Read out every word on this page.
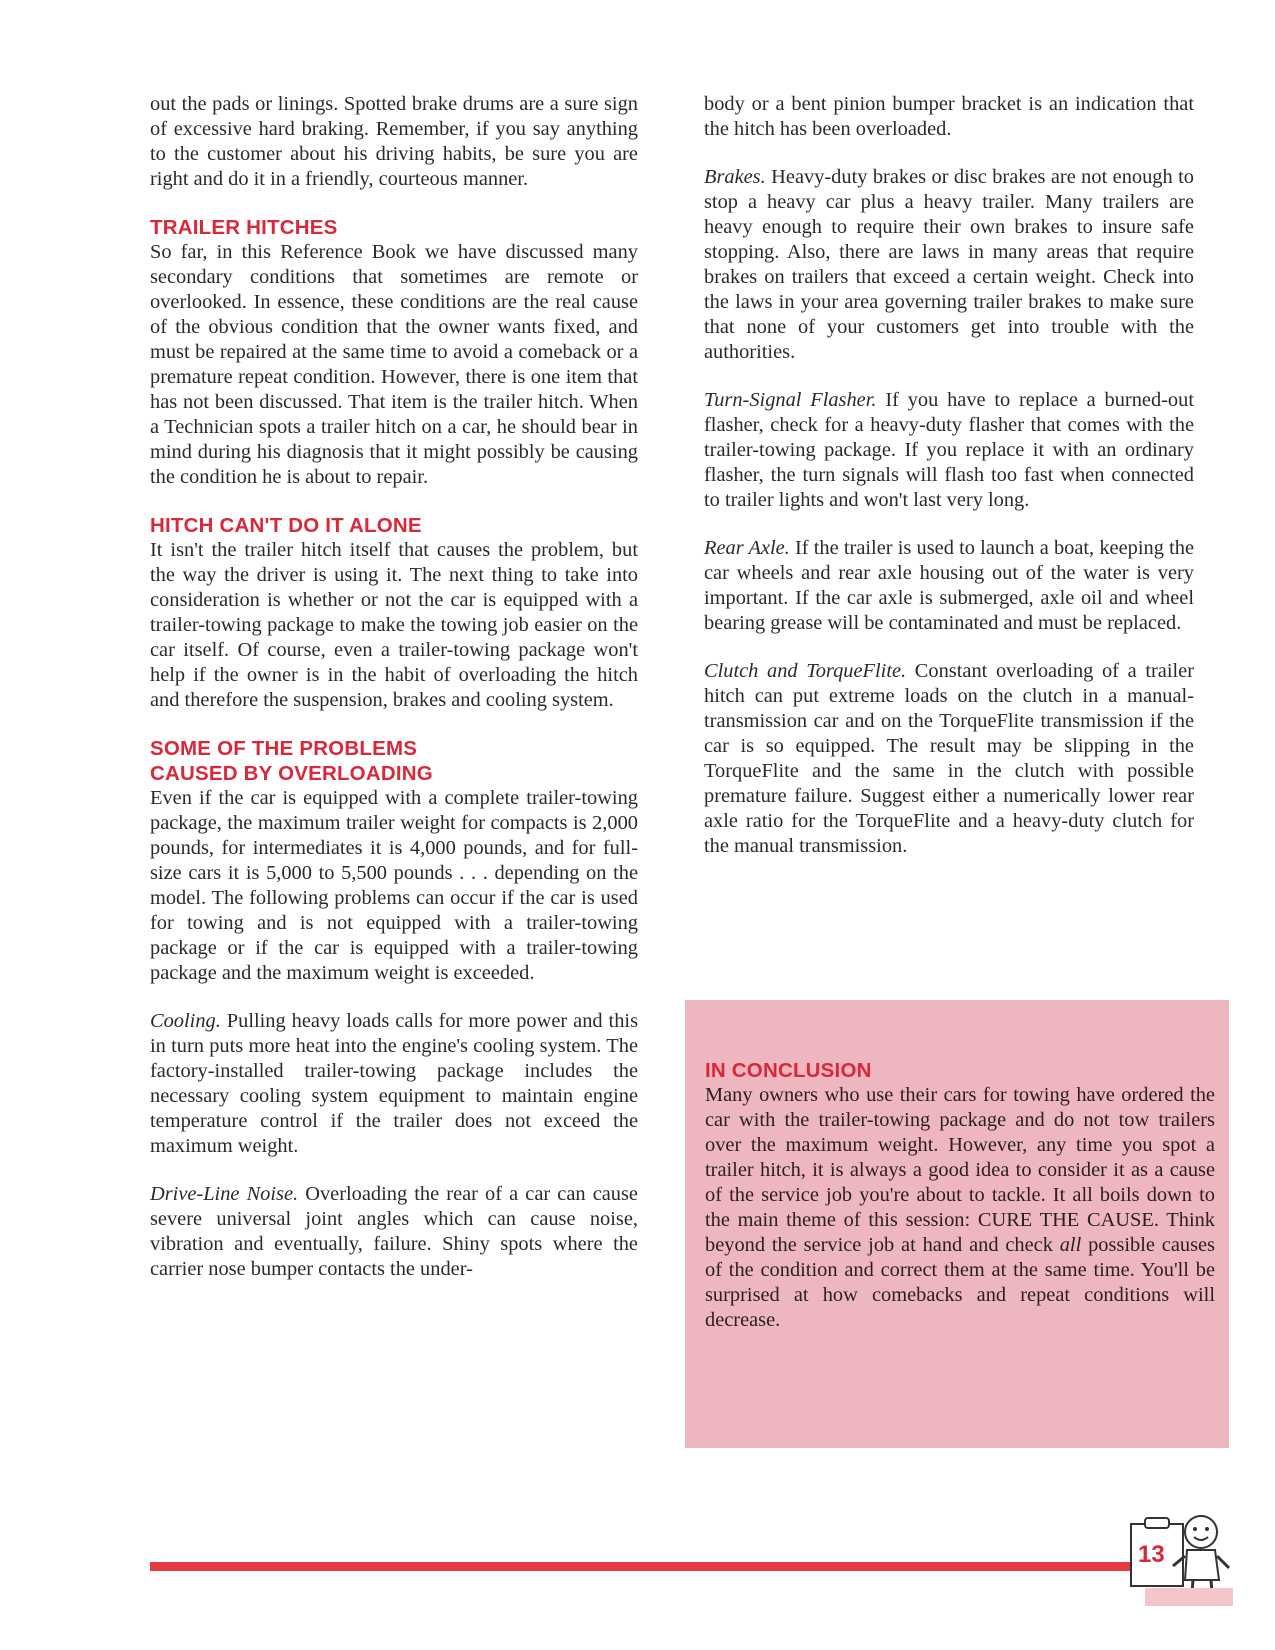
out the pads or linings. Spotted brake drums are a sure sign of excessive hard braking. Remember, if you say anything to the customer about his driving habits, be sure you are right and do it in a friendly, courteous manner.

TRAILER HITCHES

So far, in this Reference Book we have discussed many secondary conditions that sometimes are remote or overlooked. In essence, these conditions are the real cause of the obvious condition that the owner wants fixed, and must be repaired at the same time to avoid a comeback or a premature repeat condition. However, there is one item that has not been discussed. That item is the trailer hitch. When a Technician spots a trailer hitch on a car, he should bear in mind during his diagnosis that it might possibly be causing the condition he is about to repair.

HITCH CAN'T DO IT ALONE

It isn't the trailer hitch itself that causes the problem, but the way the driver is using it. The next thing to take into consideration is whether or not the car is equipped with a trailer-towing package to make the towing job easier on the car itself. Of course, even a trailer-towing package won't help if the owner is in the habit of overloading the hitch and therefore the suspension, brakes and cooling system.

SOME OF THE PROBLEMS
CAUSED BY OVERLOADING

Even if the car is equipped with a complete trailer-towing package, the maximum trailer weight for compacts is 2,000 pounds, for intermediates it is 4,000 pounds, and for full-size cars it is 5,000 to 5,500 pounds . . . depending on the model. The following problems can occur if the car is used for towing and is not equipped with a trailer-towing package or if the car is equipped with a trailer-towing package and the maximum weight is exceeded.

Cooling. Pulling heavy loads calls for more power and this in turn puts more heat into the engine's cooling system. The factory-installed trailer-towing package includes the necessary cooling system equipment to maintain engine temperature control if the trailer does not exceed the maximum weight.

Drive-Line Noise. Overloading the rear of a car can cause severe universal joint angles which can cause noise, vibration and eventually, failure. Shiny spots where the carrier nose bumper contacts the under-

body or a bent pinion bumper bracket is an indication that the hitch has been overloaded.

Brakes. Heavy-duty brakes or disc brakes are not enough to stop a heavy car plus a heavy trailer. Many trailers are heavy enough to require their own brakes to insure safe stopping. Also, there are laws in many areas that require brakes on trailers that exceed a certain weight. Check into the laws in your area governing trailer brakes to make sure that none of your customers get into trouble with the authorities.

Turn-Signal Flasher. If you have to replace a burned-out flasher, check for a heavy-duty flasher that comes with the trailer-towing package. If you replace it with an ordinary flasher, the turn signals will flash too fast when connected to trailer lights and won't last very long.

Rear Axle. If the trailer is used to launch a boat, keeping the car wheels and rear axle housing out of the water is very important. If the car axle is submerged, axle oil and wheel bearing grease will be contaminated and must be replaced.

Clutch and TorqueFlite. Constant overloading of a trailer hitch can put extreme loads on the clutch in a manual-transmission car and on the TorqueFlite transmission if the car is so equipped. The result may be slipping in the TorqueFlite and the same in the clutch with possible premature failure. Suggest either a numerically lower rear axle ratio for the TorqueFlite and a heavy-duty clutch for the manual transmission.

IN CONCLUSION

Many owners who use their cars for towing have ordered the car with the trailer-towing package and do not tow trailers over the maximum weight. However, any time you spot a trailer hitch, it is always a good idea to consider it as a cause of the service job you're about to tackle. It all boils down to the main theme of this session: CURE THE CAUSE. Think beyond the service job at hand and check all possible causes of the condition and correct them at the same time. You'll be surprised at how comebacks and repeat conditions will decrease.

13
